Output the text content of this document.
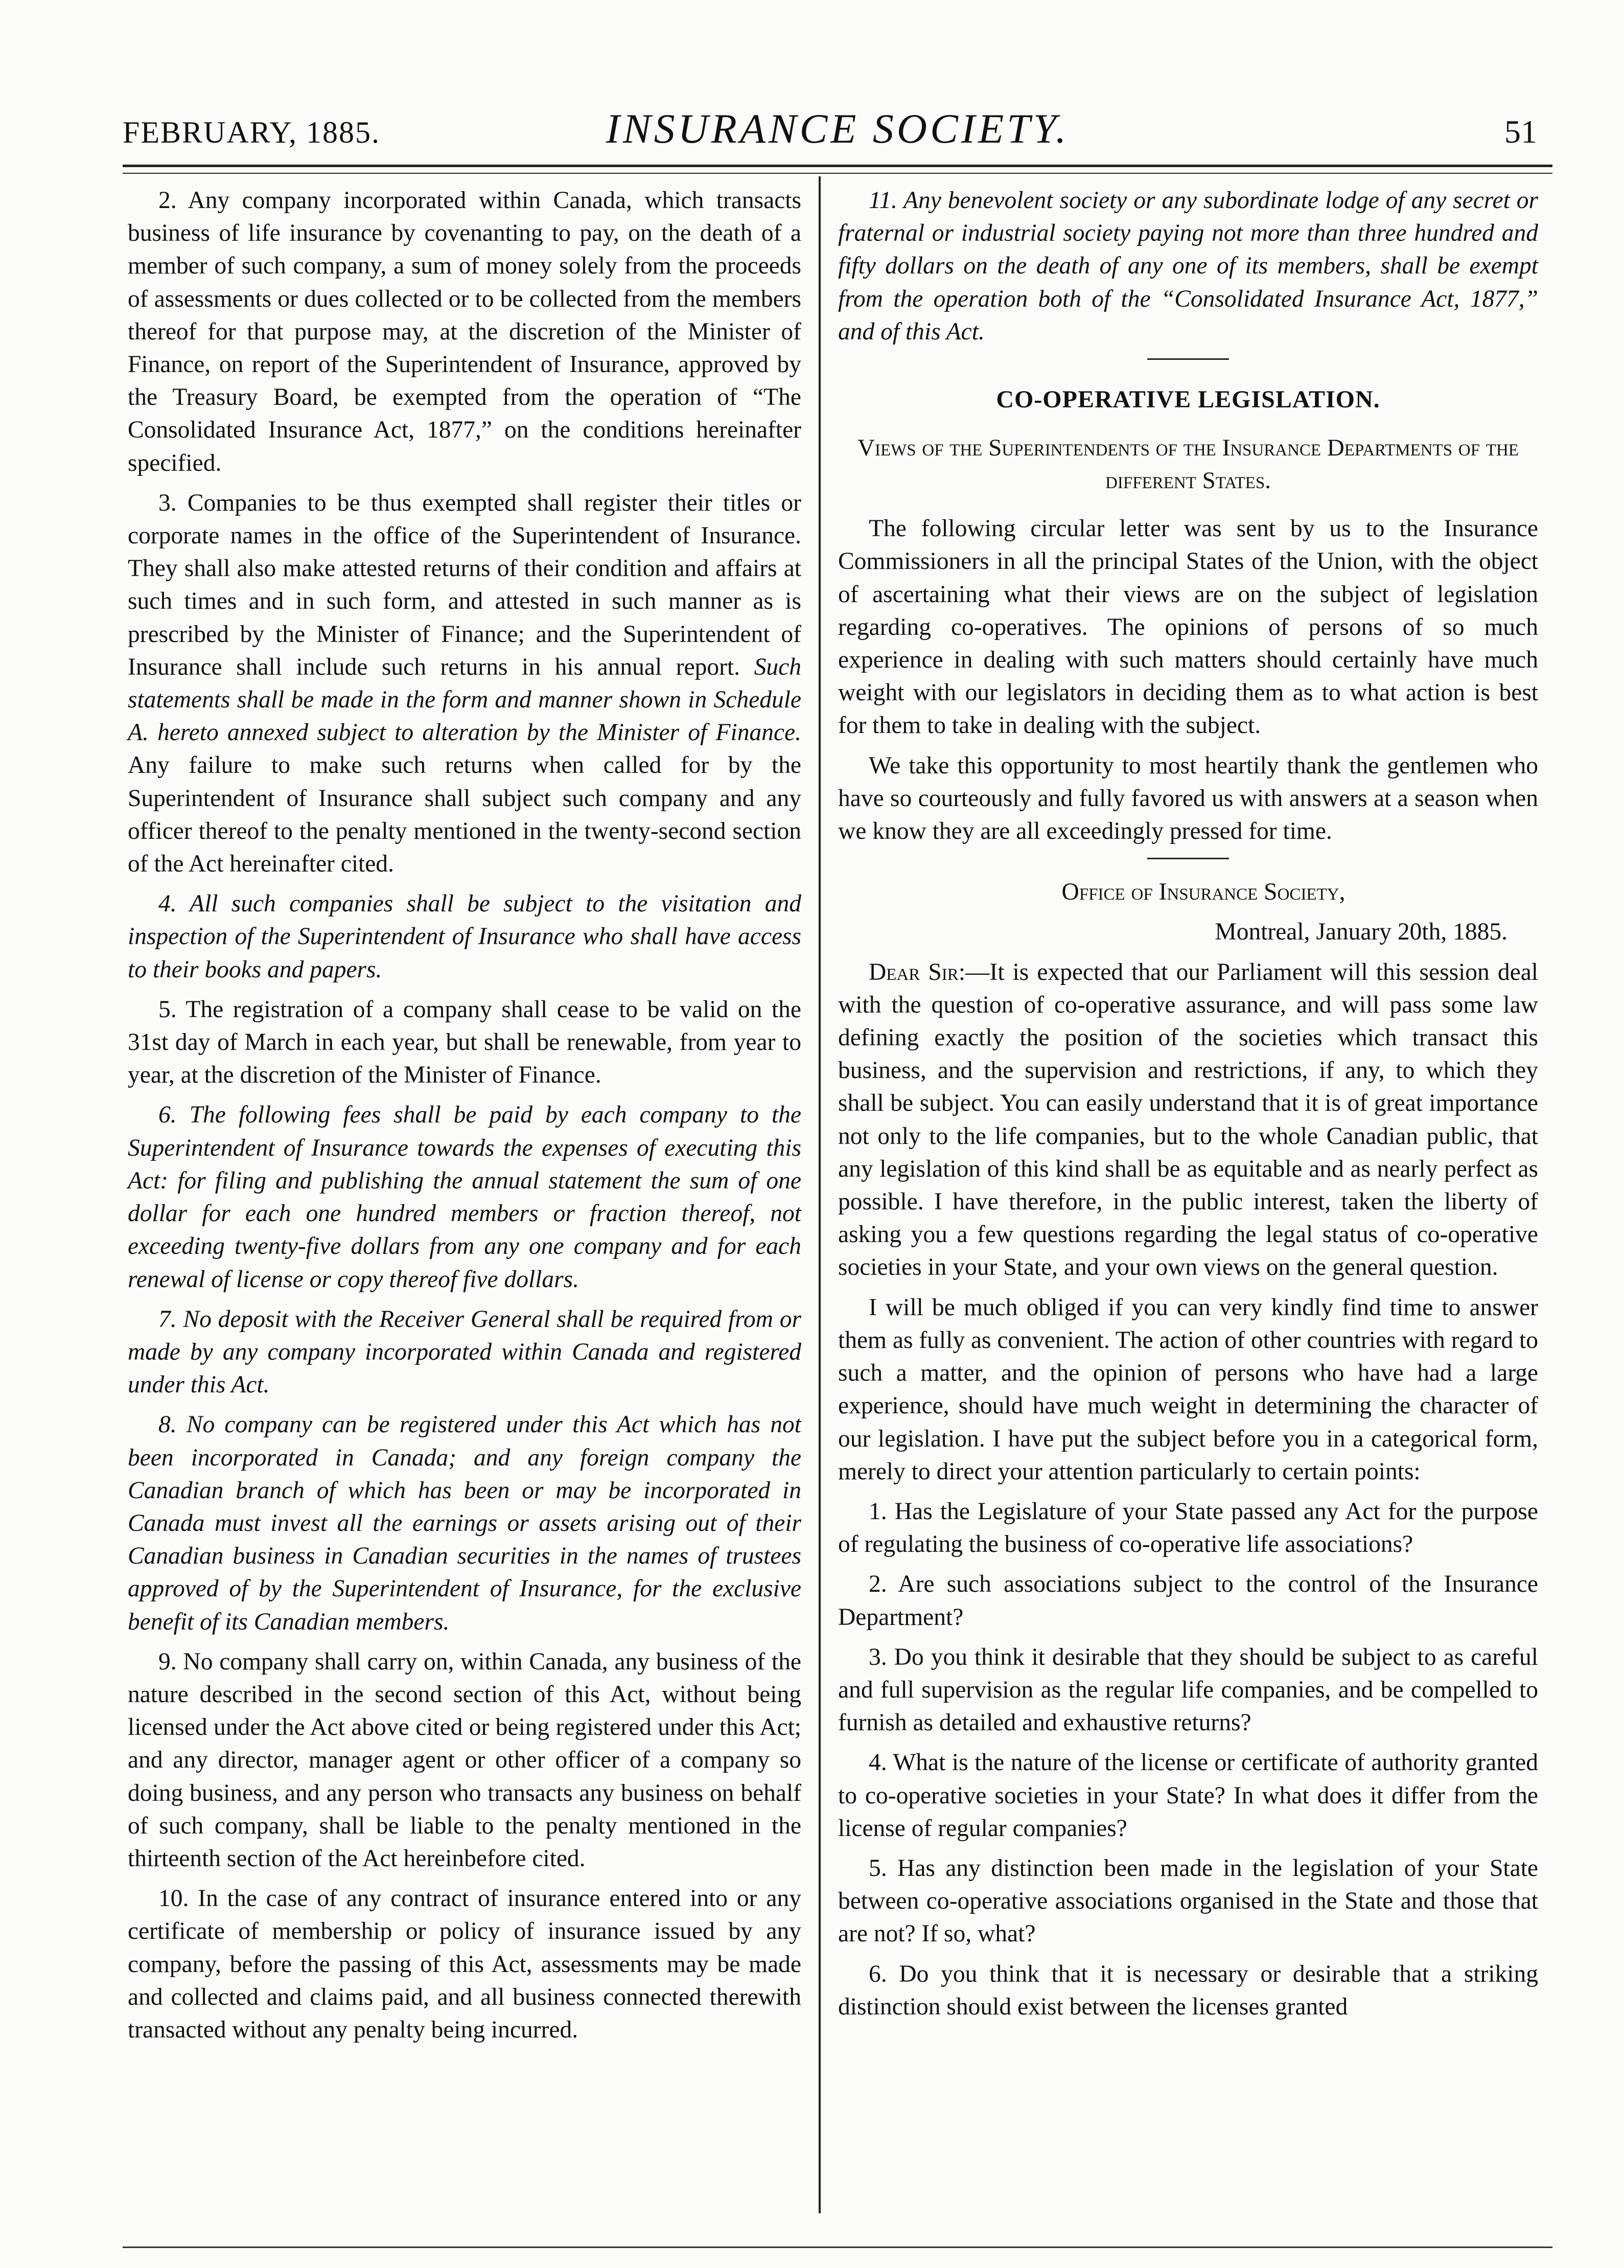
FEBRUARY, 1885.	INSURANCE SOCIETY.	51

2. Any company incorporated within Canada, which transacts business of life insurance by covenanting to pay, on the death of a member of such company, a sum of money solely from the proceeds of assessments or dues collected or to be collected from the members thereof for that purpose may, at the discretion of the Minister of Finance, on report of the Superintendent of Insurance, approved by the Treasury Board, be exempted from the operation of “The Consolidated Insurance Act, 1877,” on the conditions hereinafter specified.

3. Companies to be thus exempted shall register their titles or corporate names in the office of the Superintendent of Insurance. They shall also make attested returns of their condition and affairs at such times and in such form, and attested in such manner as is prescribed by the Minister of Finance; and the Superintendent of Insurance shall include such returns in his annual report. Such statements shall be made in the form and manner shown in Schedule A. hereto annexed subject to alteration by the Minister of Finance. Any failure to make such returns when called for by the Superintendent of Insurance shall subject such company and any officer thereof to the penalty mentioned in the twenty-second section of the Act hereinafter cited.

4. All such companies shall be subject to the visitation and inspection of the Superintendent of Insurance who shall have access to their books and papers.

5. The registration of a company shall cease to be valid on the 31st day of March in each year, but shall be renewable, from year to year, at the discretion of the Minister of Finance.

6. The following fees shall be paid by each company to the Superintendent of Insurance towards the expenses of executing this Act: for filing and publishing the annual statement the sum of one dollar for each one hundred members or fraction thereof, not exceeding twenty-five dollars from any one company and for each renewal of license or copy thereof five dollars.

7. No deposit with the Receiver General shall be required from or made by any company incorporated within Canada and registered under this Act.

8. No company can be registered under this Act which has not been incorporated in Canada; and any foreign company the Canadian branch of which has been or may be incorporated in Canada must invest all the earnings or assets arising out of their Canadian business in Canadian securities in the names of trustees approved of by the Superintendent of Insurance, for the exclusive benefit of its Canadian members.

9. No company shall carry on, within Canada, any business of the nature described in the second section of this Act, without being licensed under the Act above cited or being registered under this Act; and any director, manager agent or other officer of a company so doing business, and any person who transacts any business on behalf of such company, shall be liable to the penalty mentioned in the thirteenth section of the Act hereinbefore cited.

10. In the case of any contract of insurance entered into or any certificate of membership or policy of insurance issued by any company, before the passing of this Act, assessments may be made and collected and claims paid, and all business connected therewith transacted without any penalty being incurred.

11. Any benevolent society or any subordinate lodge of any secret or fraternal or industrial society paying not more than three hundred and fifty dollars on the death of any one of its members, shall be exempt from the operation both of the “Consolidated Insurance Act, 1877,” and of this Act.

CO-OPERATIVE LEGISLATION.
Views of the Superintendents of the Insurance Departments of the different States.

The following circular letter was sent by us to the Insurance Commissioners in all the principal States of the Union, with the object of ascertaining what their views are on the subject of legislation regarding co-operatives. The opinions of persons of so much experience in dealing with such matters should certainly have much weight with our legislators in deciding them as to what action is best for them to take in dealing with the subject.

We take this opportunity to most heartily thank the gentlemen who have so courteously and fully favored us with answers at a season when we know they are all exceedingly pressed for time.

Office of Insurance Society,

Montreal, January 20th, 1885.

Dear Sir:—It is expected that our Parliament will this session deal with the question of co-operative assurance, and will pass some law defining exactly the position of the societies which transact this business, and the supervision and restrictions, if any, to which they shall be subject. You can easily understand that it is of great importance not only to the life companies, but to the whole Canadian public, that any legislation of this kind shall be as equitable and as nearly perfect as possible. I have therefore, in the public interest, taken the liberty of asking you a few questions regarding the legal status of co-operative societies in your State, and your own views on the general question.

I will be much obliged if you can very kindly find time to answer them as fully as convenient. The action of other countries with regard to such a matter, and the opinion of persons who have had a large experience, should have much weight in determining the character of our legislation. I have put the subject before you in a categorical form, merely to direct your attention particularly to certain points:

1. Has the Legislature of your State passed any Act for the purpose of regulating the business of co-operative life associations?

2. Are such associations subject to the control of the Insurance Department?

3. Do you think it desirable that they should be subject to as careful and full supervision as the regular life companies, and be compelled to furnish as detailed and exhaustive returns?

4. What is the nature of the license or certificate of authority granted to co-operative societies in your State? In what does it differ from the license of regular companies?

5. Has any distinction been made in the legislation of your State between co-operative associations organised in the State and those that are not? If so, what?

6. Do you think that it is necessary or desirable that a striking distinction should exist between the licenses granted
